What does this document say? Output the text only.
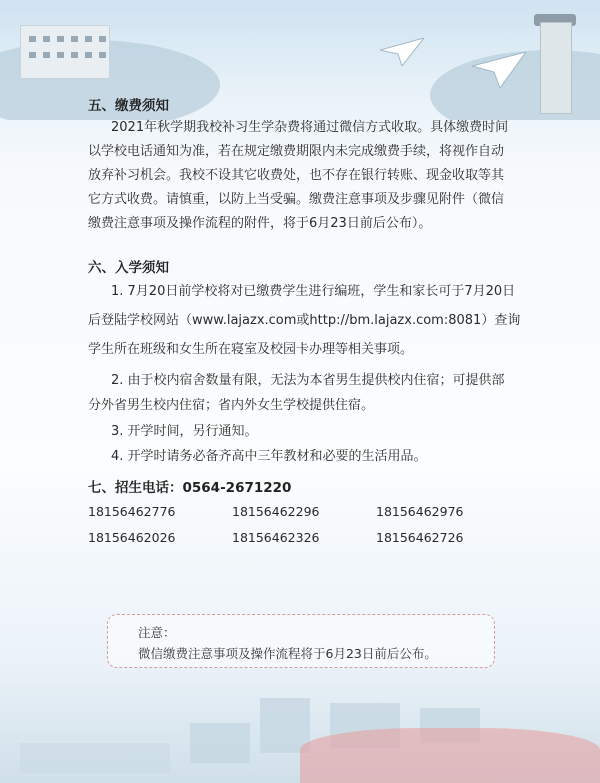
五、缴费须知
2021年秋学期我校补习生学杂费将通过微信方式收取。具体缴费时间
以学校电话通知为准，若在规定缴费期限内未完成缴费手续，将视作自动
放弃补习机会。我校不设其它收费处，也不存在银行转账、现金收取等其
它方式收费。请慎重，以防上当受骗。缴费注意事项及步骤见附件（微信
缴费注意事项及操作流程的附件，将于6月23日前后公布）。
六、入学须知
1. 7月20日前学校将对已缴费学生进行编班，学生和家长可于7月20日
后登陆学校网站（www.lajazx.com或http://bm.lajazx.com:8081）查询
学生所在班级和女生所在寝室及校园卡办理等相关事项。
2. 由于校内宿舍数量有限，无法为本省男生提供校内住宿；可提供部
分外省男生校内住宿；省内外女生学校提供住宿。
3. 开学时间，另行通知。
4. 开学时请务必备齐高中三年教材和必要的生活用品。
七、招生电话：0564-2671220
18156462776	18156462296	18156462976
18156462026	18156462326	18156462726
注意：
微信缴费注意事项及操作流程将于6月23日前后公布。
